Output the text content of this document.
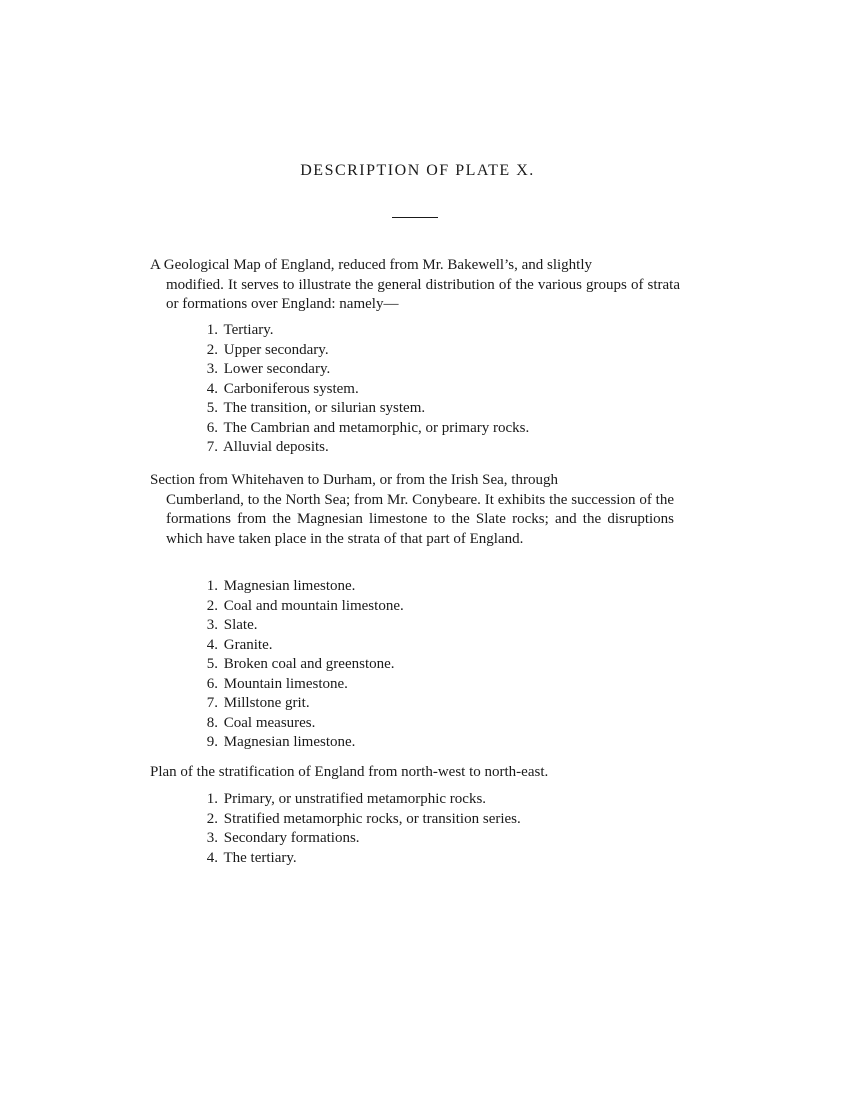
DESCRIPTION OF PLATE X.
A Geological Map of England, reduced from Mr. Bakewell’s, and slightly
modified. It serves to illustrate the general distribution of the various groups of strata or formations over England: namely—
1. Tertiary.
2. Upper secondary.
3. Lower secondary.
4. Carboniferous system.
5. The transition, or silurian system.
6. The Cambrian and metamorphic, or primary rocks.
7. Alluvial deposits.
Section from Whitehaven to Durham, or from the Irish Sea, through
Cumberland, to the North Sea; from Mr. Conybeare. It exhibits the succession of the formations from the Magnesian limestone to the Slate rocks; and the disruptions which have taken place in the strata of that part of England.
1. Magnesian limestone.
2. Coal and mountain limestone.
3. Slate.
4. Granite.
5. Broken coal and greenstone.
6. Mountain limestone.
7. Millstone grit.
8. Coal measures.
9. Magnesian limestone.
Plan of the stratification of England from north-west to north-east.
1. Primary, or unstratified metamorphic rocks.
2. Stratified metamorphic rocks, or transition series.
3. Secondary formations.
4. The tertiary.
